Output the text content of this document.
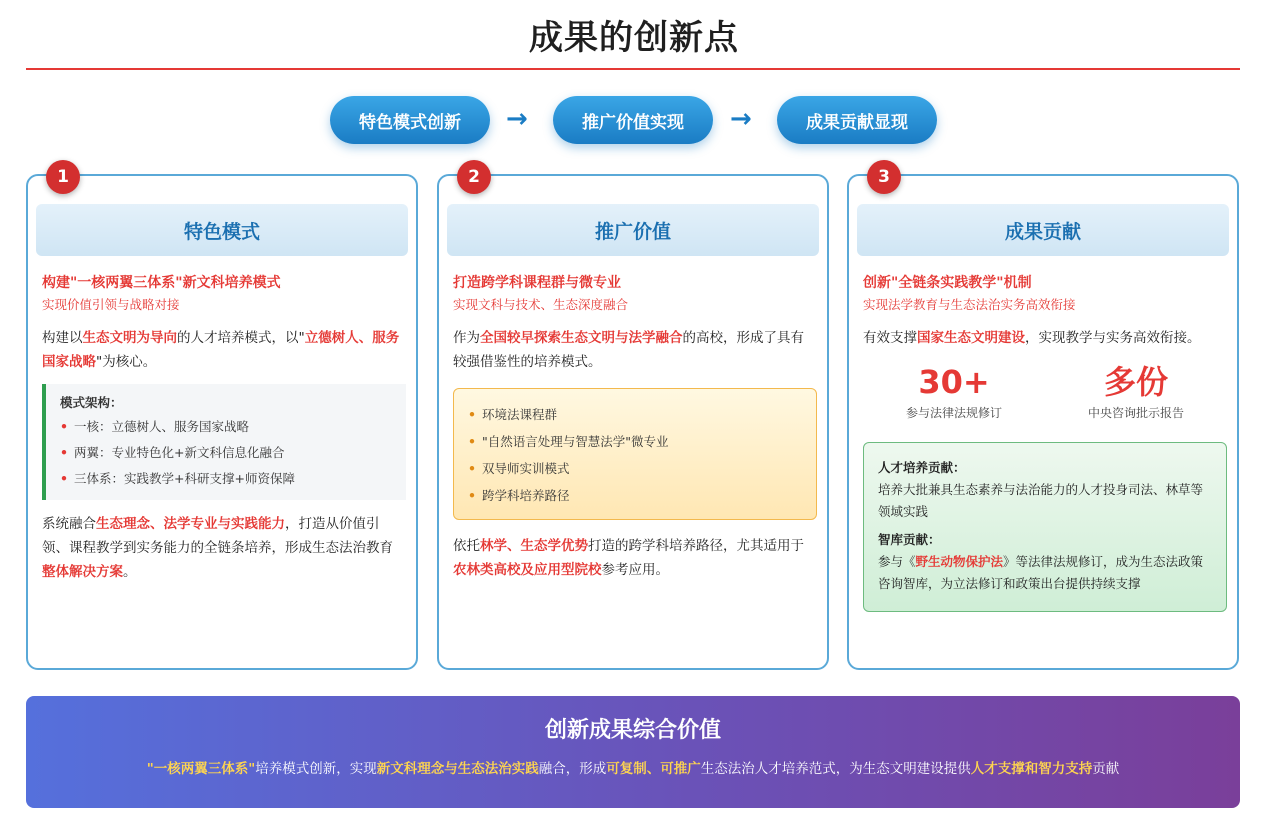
成果的创新点
特色模式创新	→	推广价值实现	→	成果贡献显现
1
特色模式
构建"一核两翼三体系"新文科培养模式
实现价值引领与战略对接
构建以生态文明为导向的人才培养模式，以"立德树人、服务国家战略"为核心。
模式架构：
• 一核：立德树人、服务国家战略
• 两翼：专业特色化+新文科信息化融合
• 三体系：实践教学+科研支撑+师资保障
系统融合生态理念、法学专业与实践能力，打造从价值引领、课程教学到实务能力的全链条培养，形成生态法治教育整体解决方案。
2
推广价值
打造跨学科课程群与微专业
实现文科与技术、生态深度融合
作为全国较早探索生态文明与法学融合的高校，形成了具有较强借鉴性的培养模式。
• 环境法课程群
• "自然语言处理与智慧法学"微专业
• 双导师实训模式
• 跨学科培养路径
依托林学、生态学优势打造的跨学科培养路径，尤其适用于农林类高校及应用型院校参考应用。
3
成果贡献
创新"全链条实践教学"机制
实现法学教育与生态法治实务高效衔接
有效支撑国家生态文明建设，实现教学与实务高效衔接。
30+
参与法律法规修订
多份
中央咨询批示报告
人才培养贡献：
培养大批兼具生态素养与法治能力的人才投身司法、林草等领域实践
智库贡献：
参与《野生动物保护法》等法律法规修订，成为生态法政策咨询智库，为立法修订和政策出台提供持续支撑
创新成果综合价值
"一核两翼三体系"培养模式创新，实现新文科理念与生态法治实践融合，形成可复制、可推广生态法治人才培养范式，为生态文明建设提供人才支撑和智力支持贡献
